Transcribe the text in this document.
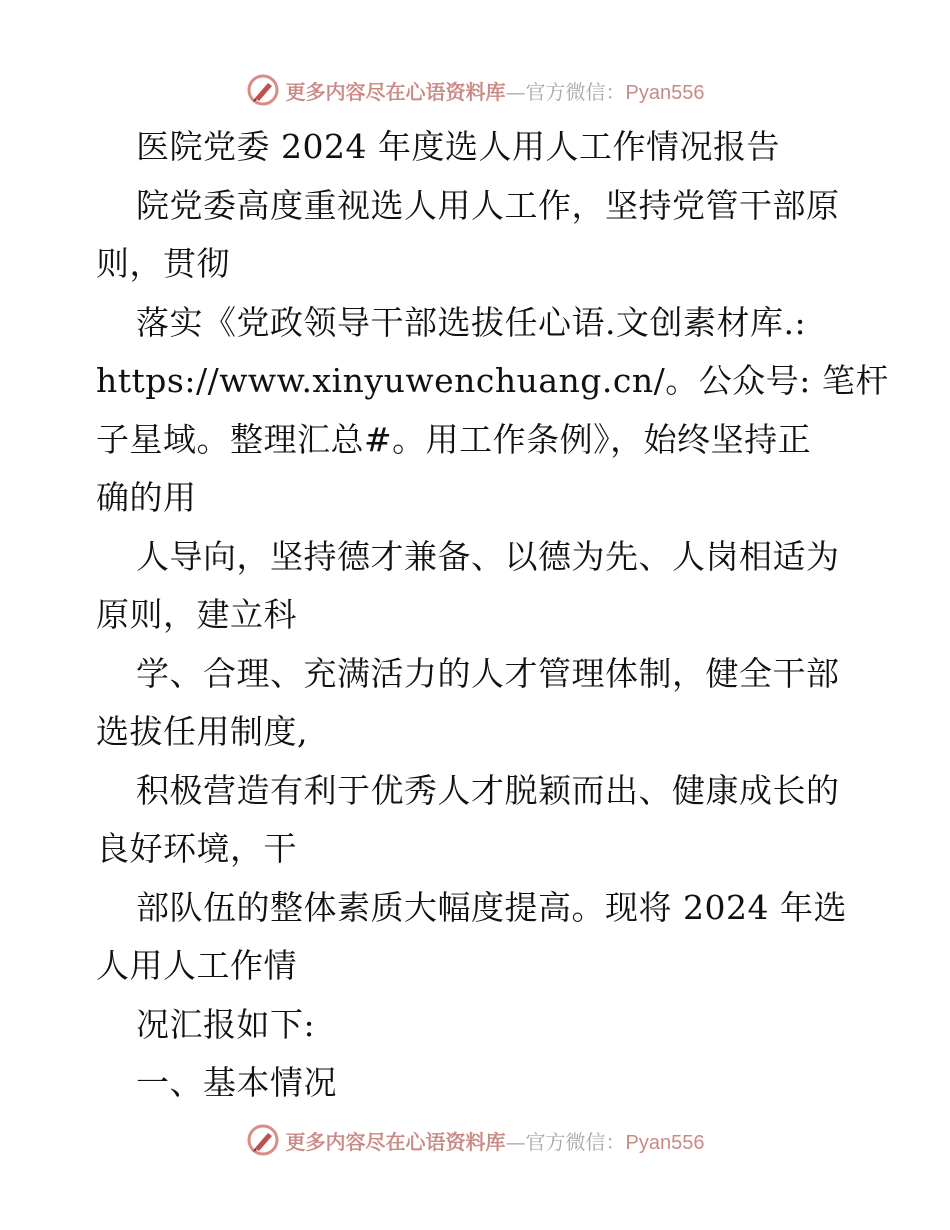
更多内容尽在心语资料库—官方微信：Pyan556
医院党委 2024 年度选人用人工作情况报告
院党委高度重视选人用人工作，坚持党管干部原
则，贯彻
落实《党政领导干部选拔任心语.文创素材库.:
https://www.xinyuwenchuang.cn/。公众号: 笔杆
子星域。整理汇总#。用工作条例》，始终坚持正
确的用
人导向，坚持德才兼备、以德为先、人岗相适为
原则，建立科
学、合理、充满活力的人才管理体制，健全干部
选拔任用制度,
积极营造有利于优秀人才脱颖而出、健康成长的
良好环境，干
部队伍的整体素质大幅度提高。现将 2024 年选
人用人工作情
况汇报如下:
一、基本情况
更多内容尽在心语资料库—官方微信：Pyan556
